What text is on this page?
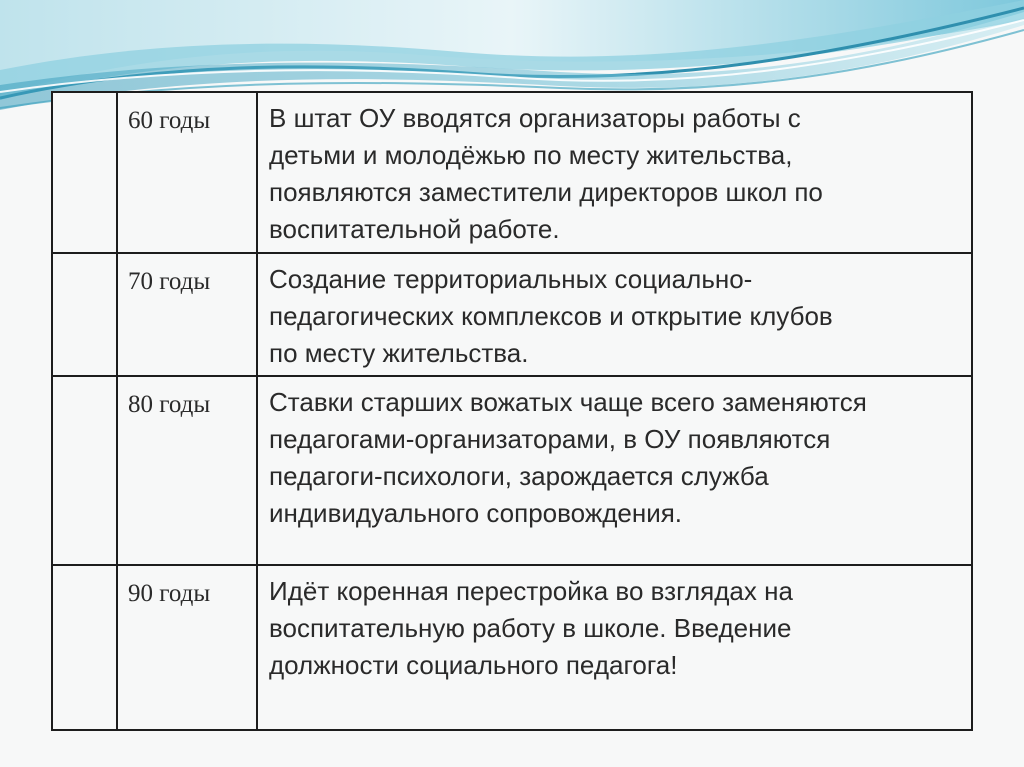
	60 годы	В штат ОУ вводятся организаторы работы с
детьми и молодёжью по месту жительства,
появляются заместители директоров школ по
воспитательной работе.

	70 годы	Создание территориальных социально-
педагогических комплексов и открытие клубов
по месту жительства.

	80 годы	Ставки старших вожатых чаще всего заменяются
педагогами-организаторами, в ОУ появляются
педагоги-психологи, зарождается служба
индивидуального сопровождения.

	90 годы	Идёт коренная перестройка во взглядах на
воспитательную работу в школе. Введение
должности социального педагога!
